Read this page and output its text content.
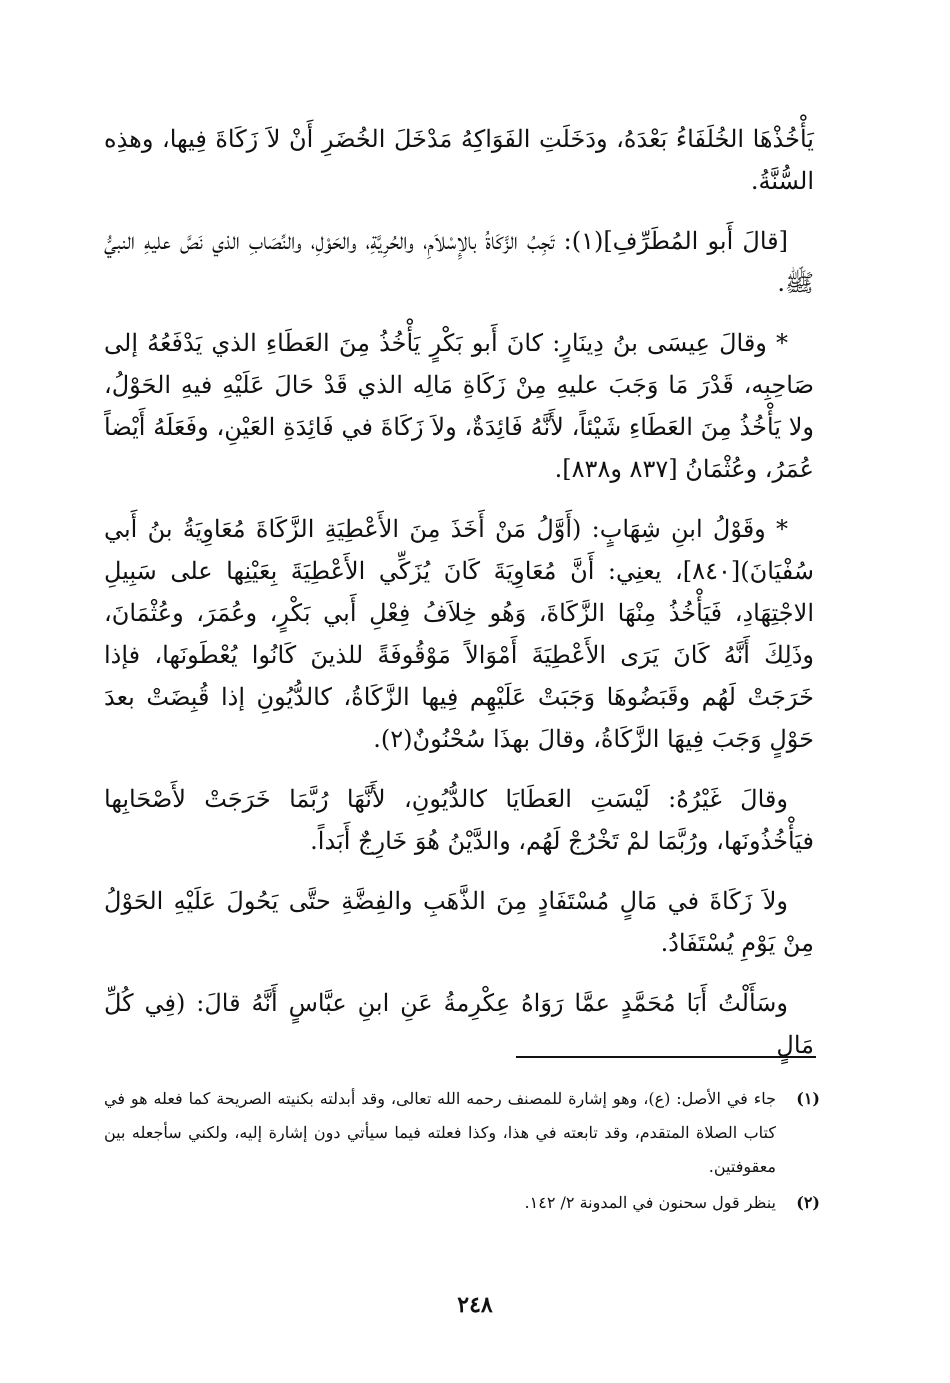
يَأْخُذْهَا الخُلَفَاءُ بَعْدَهُ، ودَخَلَتِ الفَوَاكِهُ مَدْخَلَ الخُضَرِ أَنْ لاَ زَكَاةَ فِيها، وهذِه السُّنَّةُ.

[قالَ أَبو المُطَرِّفِ](١): تَجِبُ الزَّكَاةُ بالإِسْلاَمِ، والحُرِيَّةِ، والحَوْلِ، والنِّصَابِ الذي نَصَّ عليهِ النبيُّ ﷺ.

* وقالَ عِيسَى بنُ دِينَارٍ: كانَ أَبو بَكْرٍ يَأْخُذُ مِنَ العَطَاءِ الذي يَدْفَعُهُ إلى صَاحِبِه، قَدْرَ مَا وَجَبَ عليهِ مِنْ زَكَاةِ مَالِه الذي قَدْ حَالَ عَلَيْهِ فيهِ الحَوْلُ، ولا يَأْخُذُ مِنَ العَطَاءِ شَيْئاً، لأَنَّهُ فَائِدَةٌ، ولاَ زَكَاةَ في فَائِدَةِ العَيْنِ، وفَعَلَهُ أَيْضاً عُمَرُ، وعُثْمَانُ [٨٣٧ و٨٣٨].

* وقَوْلُ ابنِ شِهَابٍ: (أَوَّلُ مَنْ أَخَذَ مِنَ الأَعْطِيَةِ الزَّكَاةَ مُعَاوِيَةُ بنُ أَبي سُفْيَانَ)[٨٤٠]، يعنِي: أَنَّ مُعَاوِيَةَ كَانَ يُزَكِّي الأَعْطِيَةَ بِعَيْنِها على سَبِيلِ الاجْتِهَادِ، فَيَأْخُذُ مِنْهَا الزَّكَاةَ، وَهُو خِلاَفُ فِعْلِ أَبي بَكْرٍ، وعُمَرَ، وعُثْمَانَ، وذَلِكَ أَنَّهُ كَانَ يَرَى الأَعْطِيَةَ أَمْوَالاً مَوْقُوفَةً للذينَ كَانُوا يُعْطَونَها، فإذا خَرَجَتْ لَهُم وقَبَضُوهَا وَجَبَتْ عَلَيْهِم فِيها الزَّكَاةُ، كالدُّيُونِ إذا قُبِضَتْ بعدَ حَوْلٍ وَجَبَ فِيهَا الزَّكَاةُ، وقالَ بهذَا سُحْنُونٌ(٢).

وقالَ غَيْرُهُ: لَيْسَتِ العَطَايَا كالدُّيُونِ، لأَنَّهَا رُبَّمَا خَرَجَتْ لأَصْحَابِها فيَأْخُذُونَها، ورُبَّمَا لمْ تَخْرُجْ لَهُم، والدَّيْنُ هُوَ خَارِجٌ أَبَداً.

ولاَ زَكَاةَ في مَالٍ مُسْتَفَادٍ مِنَ الذَّهَبِ والفِضَّةِ حتَّى يَحُولَ عَلَيْهِ الحَوْلُ مِنْ يَوْمِ يُسْتَفَادُ.

وسَأَلْتُ أَبَا مُحَمَّدٍ عمَّا رَوَاهُ عِكْرِمةُ عَنِ ابنِ عبَّاسٍ أَنَّهُ قالَ: (فِي كُلِّ مَالٍ

(١)
جاء في الأصل: (ع)، وهو إشارة للمصنف رحمه الله تعالى، وقد أبدلته بكنيته الصريحة كما فعله هو في كتاب الصلاة المتقدم، وقد تابعته في هذا، وكذا فعلته فيما سيأتي دون إشارة إليه، ولكني سأجعله بين معقوفتين.
(٢)
ينظر قول سحنون في المدونة ٢/ ١٤٢.
٢٤٨
